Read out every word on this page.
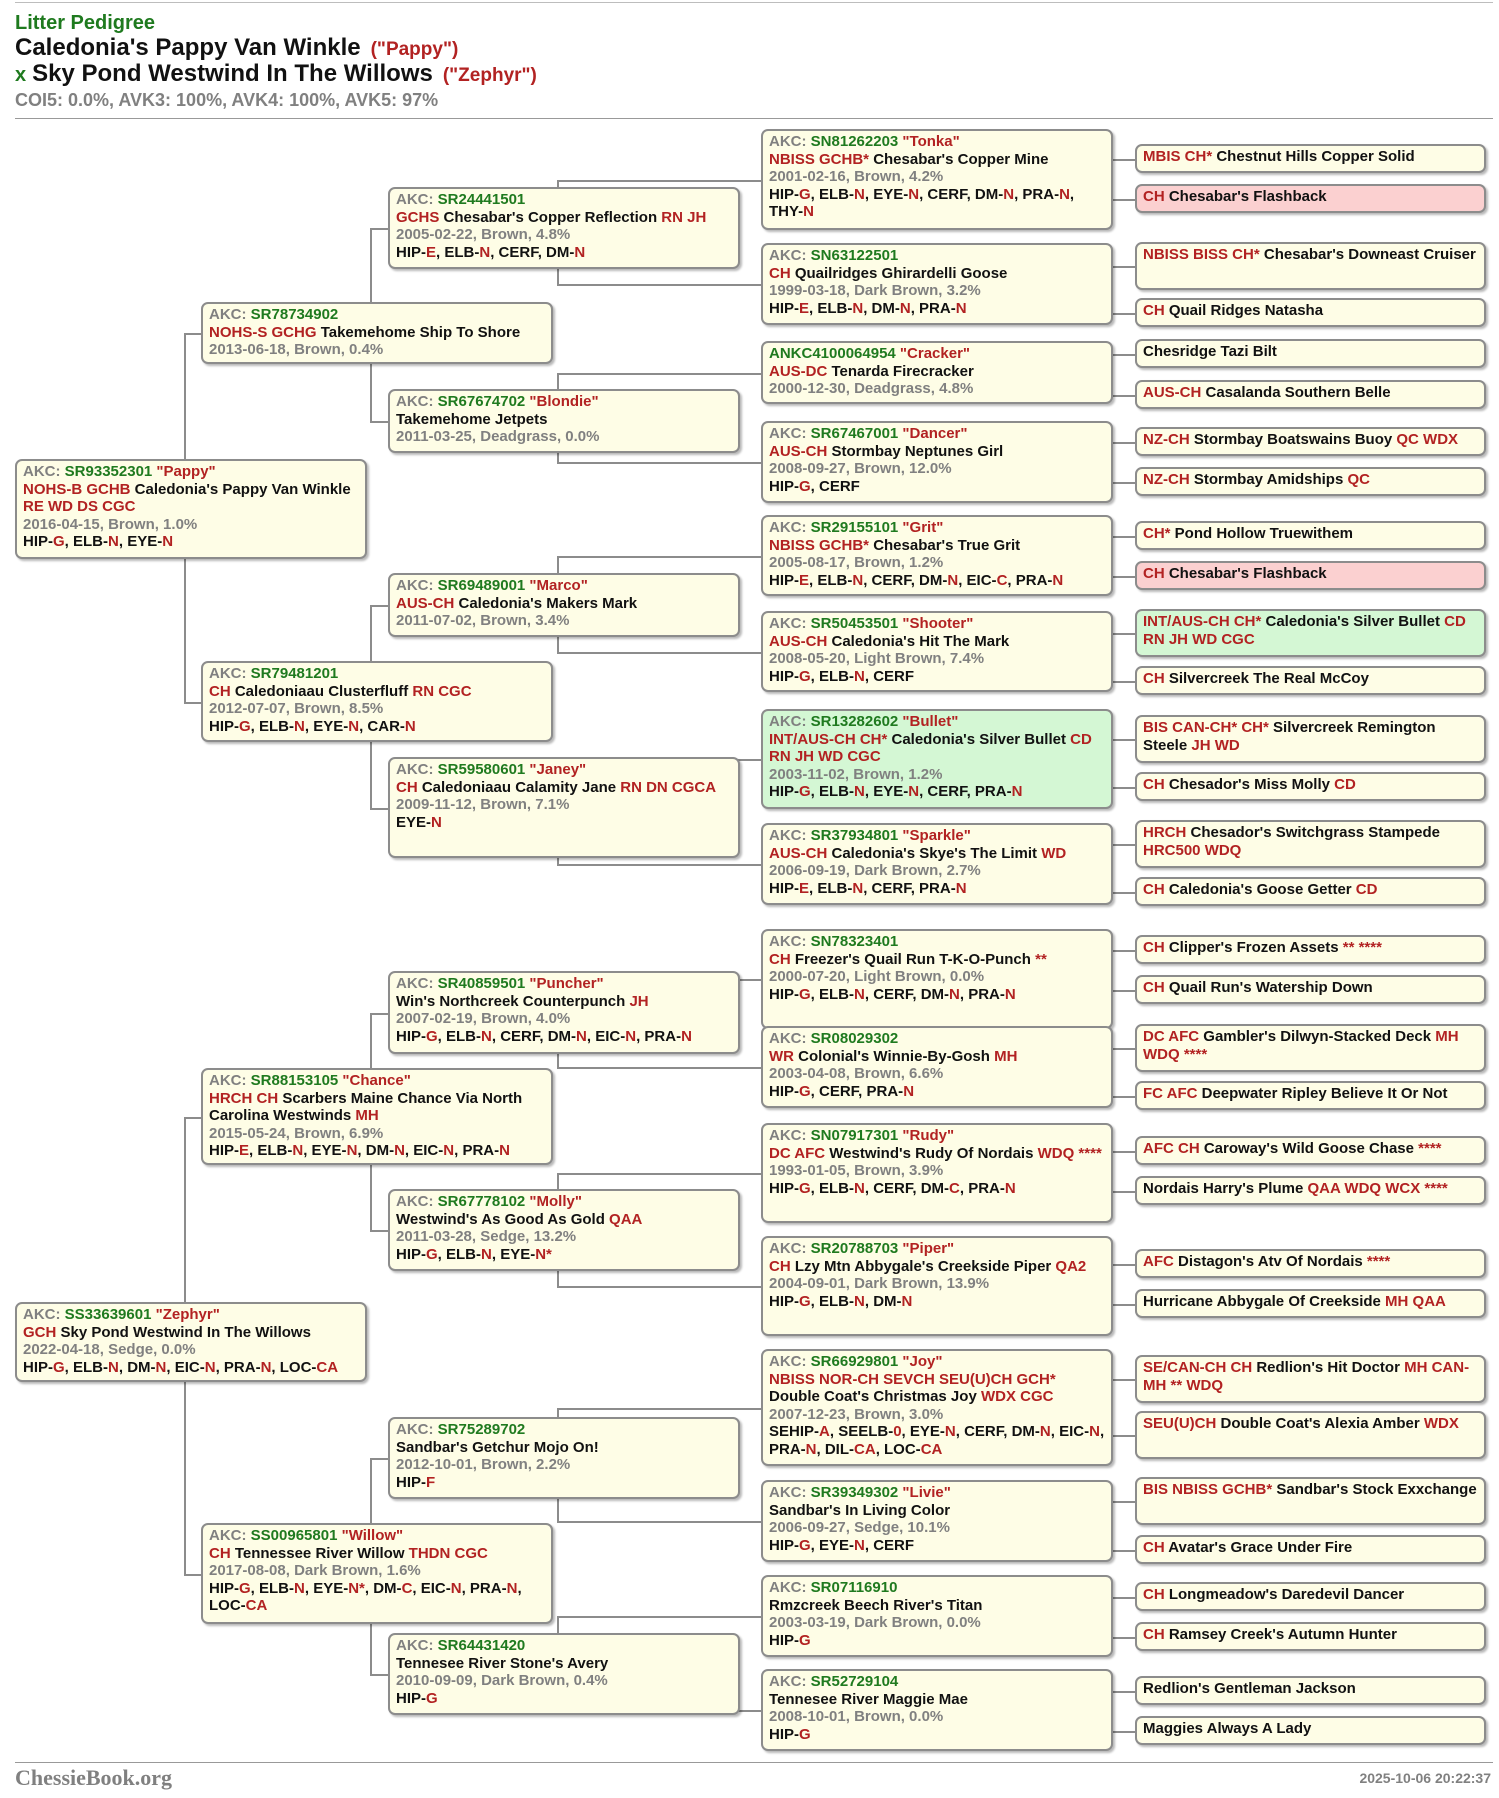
Litter Pedigree
Caledonia's Pappy Van Winkle ("Pappy")
x Sky Pond Westwind In The Willows ("Zephyr")
COI5: 0.0%, AVK3: 100%, AVK4: 100%, AVK5: 97%
AKC: SR93352301 "Pappy"
NOHS-B GCHB Caledonia's Pappy Van Winkle RE WD DS CGC
2016-04-15, Brown, 1.0%
HIP-G, ELB-N, EYE-N
AKC: SR78734902
NOHS-S GCHG Takemehome Ship To Shore
2013-06-18, Brown, 0.4%
AKC: SR24441501
GCHS Chesabar's Copper Reflection RN JH
2005-02-22, Brown, 4.8%
HIP-E, ELB-N, CERF, DM-N
AKC: SN81262203 "Tonka"
NBISS GCHB* Chesabar's Copper Mine
2001-02-16, Brown, 4.2%
HIP-G, ELB-N, EYE-N, CERF, DM-N, PRA-N, THY-N
MBIS CH* Chestnut Hills Copper Solid
CH Chesabar's Flashback
AKC: SN63122501
CH Quailridges Ghirardelli Goose
1999-03-18, Dark Brown, 3.2%
HIP-E, ELB-N, DM-N, PRA-N
NBISS BISS CH* Chesabar's Downeast Cruiser
CH Quail Ridges Natasha
AKC: SR67674702 "Blondie"
Takemehome Jetpets
2011-03-25, Deadgrass, 0.0%
ANKC4100064954 "Cracker"
AUS-DC Tenarda Firecracker
2000-12-30, Deadgrass, 4.8%
Chesridge Tazi Bilt
AUS-CH Casalanda Southern Belle
AKC: SR67467001 "Dancer"
AUS-CH Stormbay Neptunes Girl
2008-09-27, Brown, 12.0%
HIP-G, CERF
NZ-CH Stormbay Boatswains Buoy QC WDX
NZ-CH Stormbay Amidships QC
AKC: SR79481201
CH Caledoniaau Clusterfluff RN CGC
2012-07-07, Brown, 8.5%
HIP-G, ELB-N, EYE-N, CAR-N
AKC: SR69489001 "Marco"
AUS-CH Caledonia's Makers Mark
2011-07-02, Brown, 3.4%
AKC: SR29155101 "Grit"
NBISS GCHB* Chesabar's True Grit
2005-08-17, Brown, 1.2%
HIP-E, ELB-N, CERF, DM-N, EIC-C, PRA-N
CH* Pond Hollow Truewithem
CH Chesabar's Flashback
AKC: SR50453501 "Shooter"
AUS-CH Caledonia's Hit The Mark
2008-05-20, Light Brown, 7.4%
HIP-G, ELB-N, CERF
INT/AUS-CH CH* Caledonia's Silver Bullet CD RN JH WD CGC
CH Silvercreek The Real McCoy
AKC: SR59580601 "Janey"
CH Caledoniaau Calamity Jane RN DN CGCA
2009-11-12, Brown, 7.1%
EYE-N
AKC: SR13282602 "Bullet"
INT/AUS-CH CH* Caledonia's Silver Bullet CD RN JH WD CGC
2003-11-02, Brown, 1.2%
HIP-G, ELB-N, EYE-N, CERF, PRA-N
BIS CAN-CH* CH* Silvercreek Remington Steele JH WD
CH Chesador's Miss Molly CD
AKC: SR37934801 "Sparkle"
AUS-CH Caledonia's Skye's The Limit WD
2006-09-19, Dark Brown, 2.7%
HIP-E, ELB-N, CERF, PRA-N
HRCH Chesador's Switchgrass Stampede HRC500 WDQ
CH Caledonia's Goose Getter CD
AKC: SS33639601 "Zephyr"
GCH Sky Pond Westwind In The Willows
2022-04-18, Sedge, 0.0%
HIP-G, ELB-N, DM-N, EIC-N, PRA-N, LOC-CA
AKC: SR88153105 "Chance"
HRCH CH Scarbers Maine Chance Via North Carolina Westwinds MH
2015-05-24, Brown, 6.9%
HIP-E, ELB-N, EYE-N, DM-N, EIC-N, PRA-N
AKC: SR40859501 "Puncher"
Win's Northcreek Counterpunch JH
2007-02-19, Brown, 4.0%
HIP-G, ELB-N, CERF, DM-N, EIC-N, PRA-N
AKC: SN78323401
CH Freezer's Quail Run T-K-O-Punch **
2000-07-20, Light Brown, 0.0%
HIP-G, ELB-N, CERF, DM-N, PRA-N
CH Clipper's Frozen Assets ** ****
CH Quail Run's Watership Down
AKC: SR08029302
WR Colonial's Winnie-By-Gosh MH
2003-04-08, Brown, 6.6%
HIP-G, CERF, PRA-N
DC AFC Gambler's Dilwyn-Stacked Deck MH WDQ ****
FC AFC Deepwater Ripley Believe It Or Not
AKC: SR67778102 "Molly"
Westwind's As Good As Gold QAA
2011-03-28, Sedge, 13.2%
HIP-G, ELB-N, EYE-N*
AKC: SN07917301 "Rudy"
DC AFC Westwind's Rudy Of Nordais WDQ ****
1993-01-05, Brown, 3.9%
HIP-G, ELB-N, CERF, DM-C, PRA-N
AFC CH Caroway's Wild Goose Chase ****
Nordais Harry's Plume QAA WDQ WCX ****
AKC: SR20788703 "Piper"
CH Lzy Mtn Abbygale's Creekside Piper QA2
2004-09-01, Dark Brown, 13.9%
HIP-G, ELB-N, DM-N
AFC Distagon's Atv Of Nordais ****
Hurricane Abbygale Of Creekside MH QAA
AKC: SS00965801 "Willow"
CH Tennessee River Willow THDN CGC
2017-08-08, Dark Brown, 1.6%
HIP-G, ELB-N, EYE-N*, DM-C, EIC-N, PRA-N, LOC-CA
AKC: SR75289702
Sandbar's Getchur Mojo On!
2012-10-01, Brown, 2.2%
HIP-F
AKC: SR66929801 "Joy"
NBISS NOR-CH SEVCH SEU(U)CH GCH* Double Coat's Christmas Joy WDX CGC
2007-12-23, Brown, 3.0%
SEHIP-A, SEELB-0, EYE-N, CERF, DM-N, EIC-N, PRA-N, DIL-CA, LOC-CA
SE/CAN-CH CH Redlion's Hit Doctor MH CAN-MH ** WDQ
SEU(U)CH Double Coat's Alexia Amber WDX
AKC: SR39349302 "Livie"
Sandbar's In Living Color
2006-09-27, Sedge, 10.1%
HIP-G, EYE-N, CERF
BIS NBISS GCHB* Sandbar's Stock Exxchange
CH Avatar's Grace Under Fire
AKC: SR64431420
Tennesee River Stone's Avery
2010-09-09, Dark Brown, 0.4%
HIP-G
AKC: SR07116910
Rmzcreek Beech River's Titan
2003-03-19, Dark Brown, 0.0%
HIP-G
CH Longmeadow's Daredevil Dancer
CH Ramsey Creek's Autumn Hunter
AKC: SR52729104
Tennesee River Maggie Mae
2008-10-01, Brown, 0.0%
HIP-G
Redlion's Gentleman Jackson
Maggies Always A Lady
ChessieBook.org	2025-10-06 20:22:37
